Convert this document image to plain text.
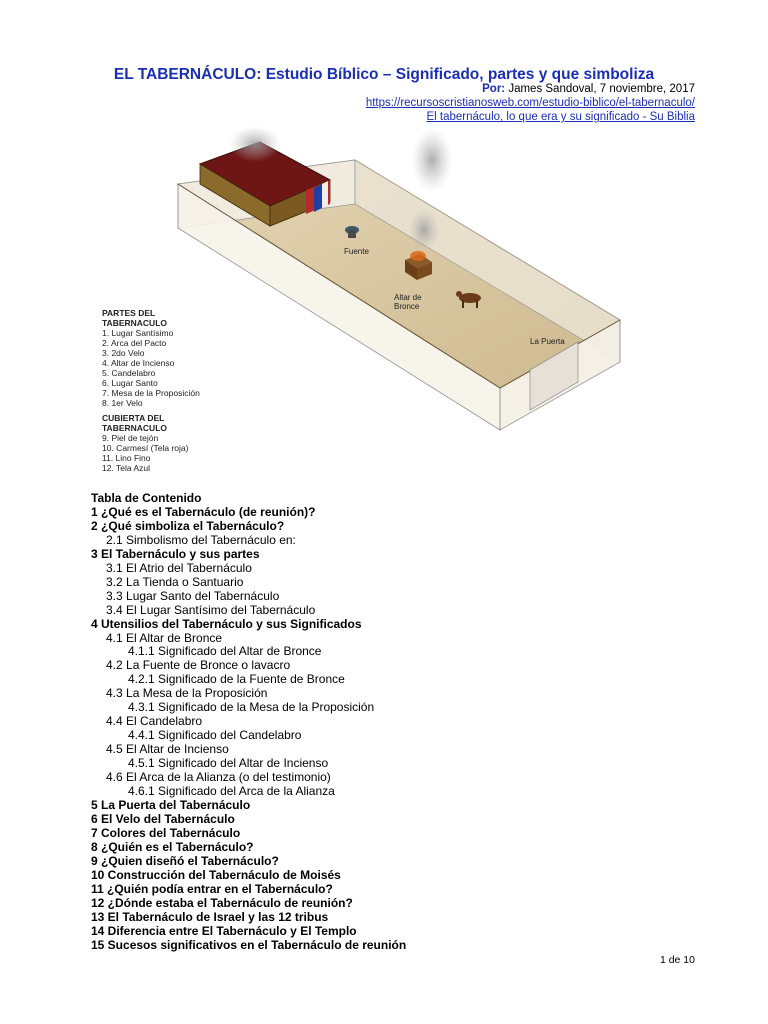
EL TABERNÁCULO: Estudio Bíblico – Significado, partes y que simboliza
Por: James Sandoval, 7 noviembre, 2017
https://recursoscristianosweb.com/estudio-biblico/el-tabernaculo/
El tabernáculo, lo que era y su significado - Su Biblia
Fuente
Altar de
Bronce
La Puerta
PARTES DEL
TABERNACULO
1. Lugar Santísimo
2. Arca del Pacto
3. 2do Velo
4. Altar de Incienso
5. Candelabro
6. Lugar Santo
7. Mesa de la Proposición
8. 1er Velo
CUBIERTA DEL
TABERNACULO
9. Piel de tejón
10. Carmesí (Tela roja)
11. Lino Fino
12. Tela Azul
Tabla de Contenido
1 ¿Qué es el Tabernáculo (de reunión)?
2 ¿Qué simboliza el Tabernáculo?
2.1 Simbolismo del Tabernáculo en:
3 El Tabernáculo y sus partes
3.1 El Atrio del Tabernáculo
3.2 La Tienda o Santuario
3.3 Lugar Santo del Tabernáculo
3.4 El Lugar Santísimo del Tabernáculo
4 Utensilios del Tabernáculo y sus Significados
4.1 El Altar de Bronce
4.1.1 Significado del Altar de Bronce
4.2 La Fuente de Bronce o lavacro
4.2.1 Significado de la Fuente de Bronce
4.3 La Mesa de la Proposición
4.3.1 Significado de la Mesa de la Proposición
4.4 El Candelabro
4.4.1 Significado del Candelabro
4.5 El Altar de Incienso
4.5.1 Significado del Altar de Incienso
4.6 El Arca de la Alianza (o del testimonio)
4.6.1 Significado del Arca de la Alianza
5 La Puerta del Tabernáculo
6 El Velo del Tabernáculo
7 Colores del Tabernáculo
8 ¿Quién es el Tabernáculo?
9 ¿Quien diseñó el Tabernáculo?
10 Construcción del Tabernáculo de Moisés
11 ¿Quién podía entrar en el Tabernáculo?
12 ¿Dónde estaba el Tabernáculo de reunión?
13 El Tabernáculo de Israel y las 12 tribus
14 Diferencia entre El Tabernáculo y El Templo
15 Sucesos significativos en el Tabernáculo de reunión
1 de 10
